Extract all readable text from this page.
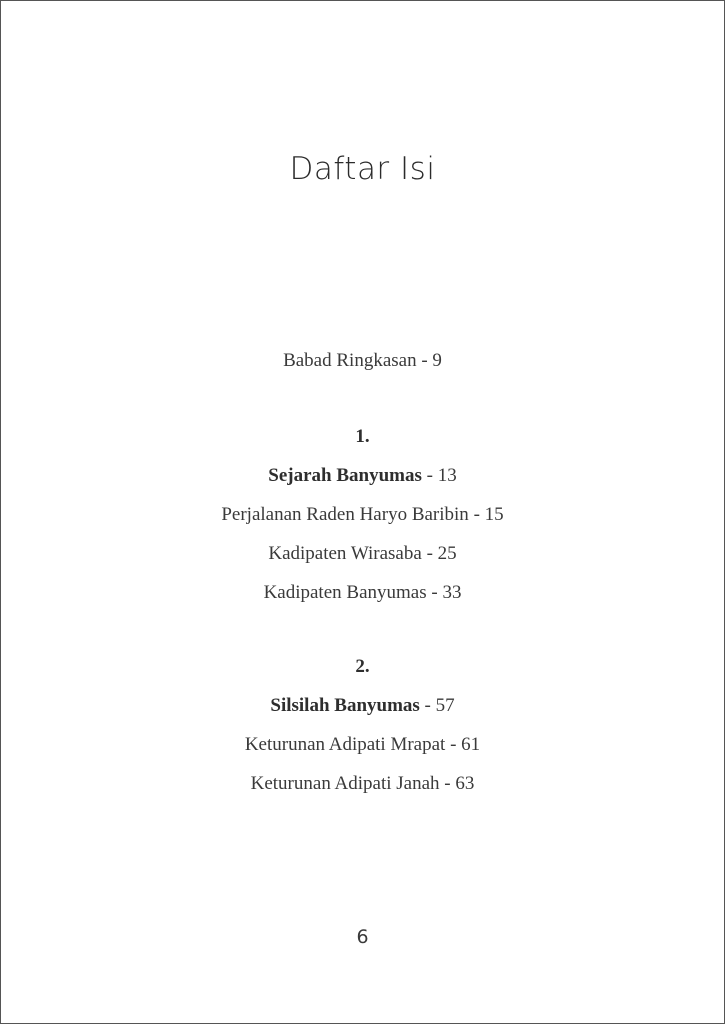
Daftar Isi
Babad Ringkasan - 9
1.
Sejarah Banyumas - 13
Perjalanan Raden Haryo Baribin - 15
Kadipaten Wirasaba - 25
Kadipaten Banyumas - 33
2.
Silsilah Banyumas - 57
Keturunan Adipati Mrapat - 61
Keturunan Adipati Janah - 63
6
